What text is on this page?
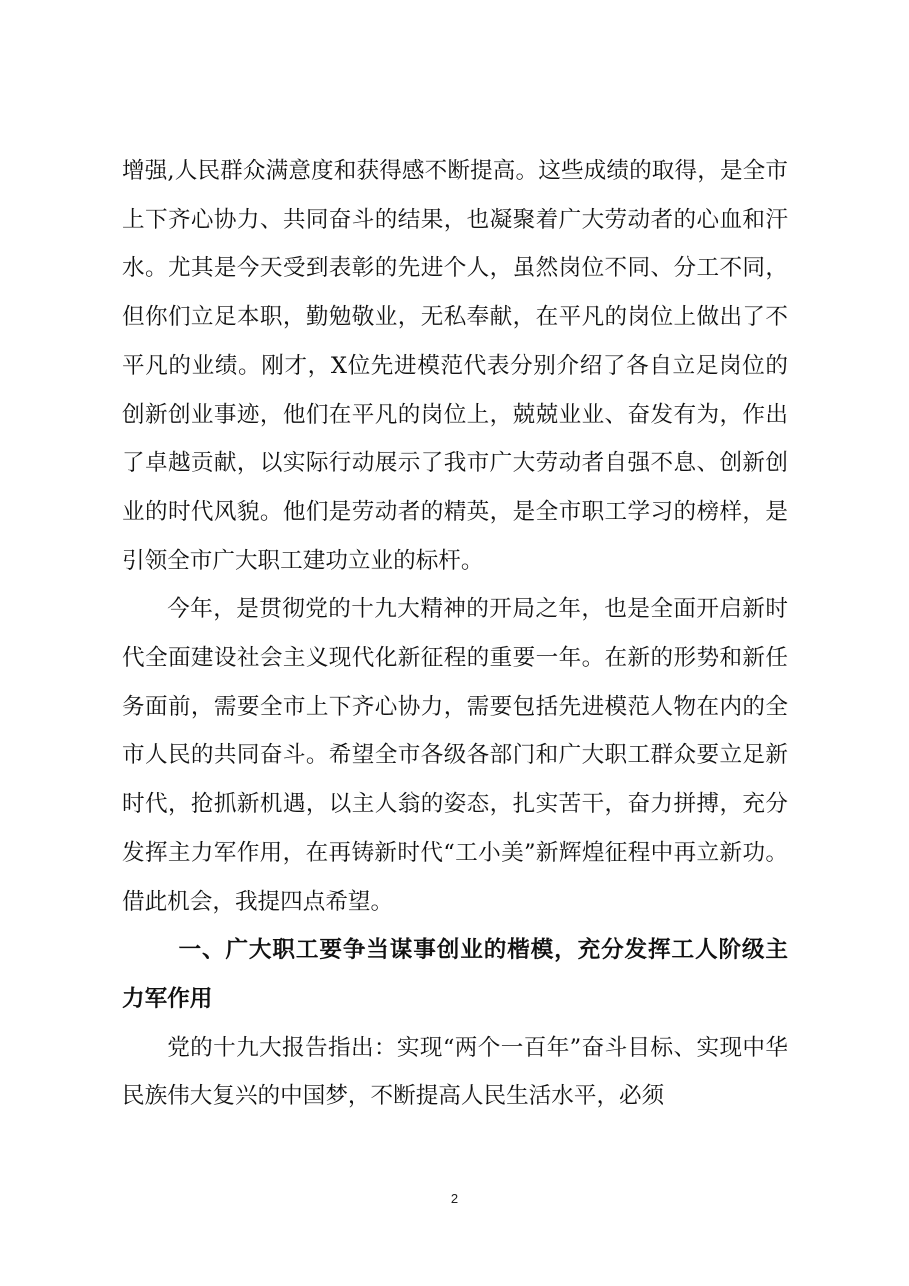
增强,人民群众满意度和获得感不断提高。这些成绩的取得，是全市上下齐心协力、共同奋斗的结果，也凝聚着广大劳动者的心血和汗水。尤其是今天受到表彰的先进个人，虽然岗位不同、分工不同，但你们立足本职，勤勉敬业，无私奉献，在平凡的岗位上做出了不平凡的业绩。刚才，X位先进模范代表分别介绍了各自立足岗位的创新创业事迹，他们在平凡的岗位上，兢兢业业、奋发有为，作出了卓越贡献，以实际行动展示了我市广大劳动者自强不息、创新创业的时代风貌。他们是劳动者的精英，是全市职工学习的榜样，是引领全市广大职工建功立业的标杆。

今年，是贯彻党的十九大精神的开局之年，也是全面开启新时代全面建设社会主义现代化新征程的重要一年。在新的形势和新任务面前，需要全市上下齐心协力，需要包括先进模范人物在内的全市人民的共同奋斗。希望全市各级各部门和广大职工群众要立足新时代，抢抓新机遇，以主人翁的姿态，扎实苦干，奋力拼搏，充分发挥主力军作用，在再铸新时代“工小美”新辉煌征程中再立新功。借此机会，我提四点希望。

一、广大职工要争当谋事创业的楷模，充分发挥工人阶级主力军作用

党的十九大报告指出：实现“两个一百年”奋斗目标、实现中华民族伟大复兴的中国梦，不断提高人民生活水平，必须

2
